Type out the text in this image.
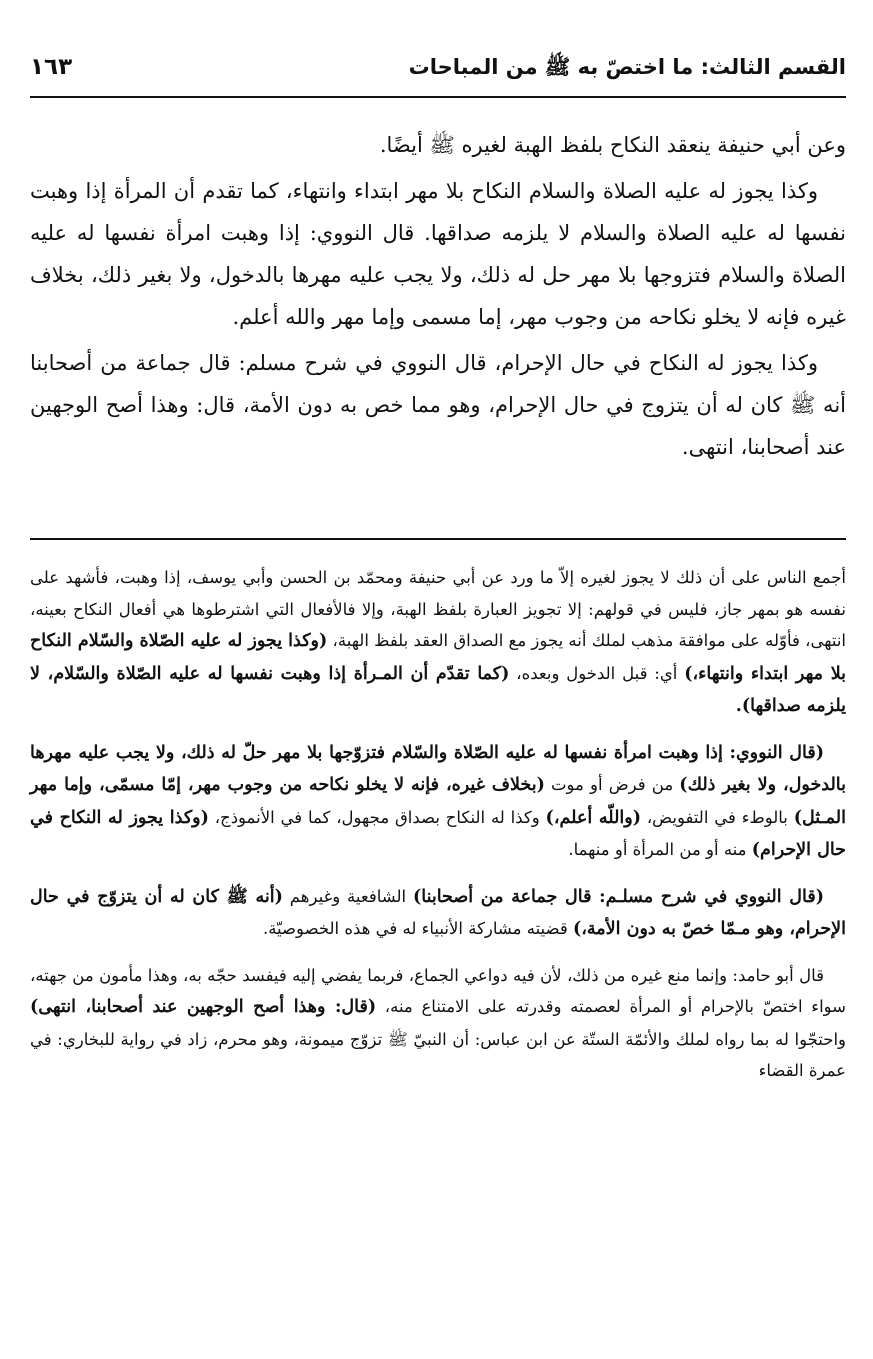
القسم الثالث: ما اختصّ به ﷺ من المباحات
١٦٣

وعن أبي حنيفة ينعقد النكاح بلفظ الهبة لغيره ﷺ أيضًا.

وكذا يجوز له عليه الصلاة والسلام النكاح بلا مهر ابتداء وانتهاء، كما تقدم أن المرأة إذا وهبت نفسها له عليه الصلاة والسلام لا يلزمه صداقها. قال النووي: إذا وهبت امرأة نفسها له عليه الصلاة والسلام فتزوجها بلا مهر حل له ذلك، ولا يجب عليه مهرها بالدخول، ولا بغير ذلك، بخلاف غيره فإنه لا يخلو نكاحه من وجوب مهر، إما مسمى وإما مهر والله أعلم.

وكذا يجوز له النكاح في حال الإحرام، قال النووي في شرح مسلم: قال جماعة من أصحابنا أنه ﷺ كان له أن يتزوج في حال الإحرام، وهو مما خص به دون الأمة، قال: وهذا أصح الوجهين عند أصحابنا، انتهى.

أجمع الناس على أن ذلك لا يجوز لغيره إلاّ ما ورد عن أبي حنيفة ومحمّد بن الحسن وأبي يوسف، إذا وهبت، فأشهد على نفسه هو بمهر جاز، فليس في قولهم: إلا تجويز العبارة بلفظ الهبة، وإلا فالأفعال التي اشترطوها هي أفعال النكاح بعينه، انتهى، فأوّله على موافقة مذهب لملك أنه يجوز مع الصداق العقد بلفظ الهبة، (وكذا يجوز له عليه الصّلاة والسّلام النكاح بلا مهر ابتداء وانتهاء،) أي: قبل الدخول وبعده، (كما تقدّم أن المـرأة إذا وهبت نفسها له عليه الصّلاة والسّلام، لا يلزمه صداقها).

(قال النووي: إذا وهبت امرأة نفسها له عليه الصّلاة والسّلام فتزوّجها بلا مهر حلّ له ذلك، ولا يجب عليه مهرها بالدخول، ولا بغير ذلك) من فرض أو موت (بخلاف غيره، فإنه لا يخلو نكاحه من وجوب مهر، إمّا مسمّى، وإما مهر المـثل) بالوطء في التفويض، (واللّه أعلم،) وكذا له النكاح بصداق مجهول، كما في الأنموذج، (وكذا يجوز له النكاح في حال الإحرام) منه أو من المرأة أو منهما.

(قال النووي في شرح مسلـم: قال جماعة من أصحابنا) الشافعية وغيرهم (أنه ﷺ كان له أن يتزوّج في حال الإحرام، وهو مـمّا خصّ به دون الأمة،) قضيته مشاركة الأنبياء له في هذه الخصوصيّة.

قال أبو حامد: وإنما منع غيره من ذلك، لأن فيه دواعي الجماع، فربما يفضي إليه فيفسد حجّه به، وهذا مأمون من جهته، سواء اختصّ بالإحرام أو المرأة لعصمته وقدرته على الامتناع منه، (قال: وهذا أصح الوجهين عند أصحابنا، انتهى) واحتجّوا له بما رواه لملك والأئمّة الستّة عن ابن عباس: أن النبيّ ﷺ تزوّج ميمونة، وهو محرم، زاد في رواية للبخاري: في عمرة القضاء
